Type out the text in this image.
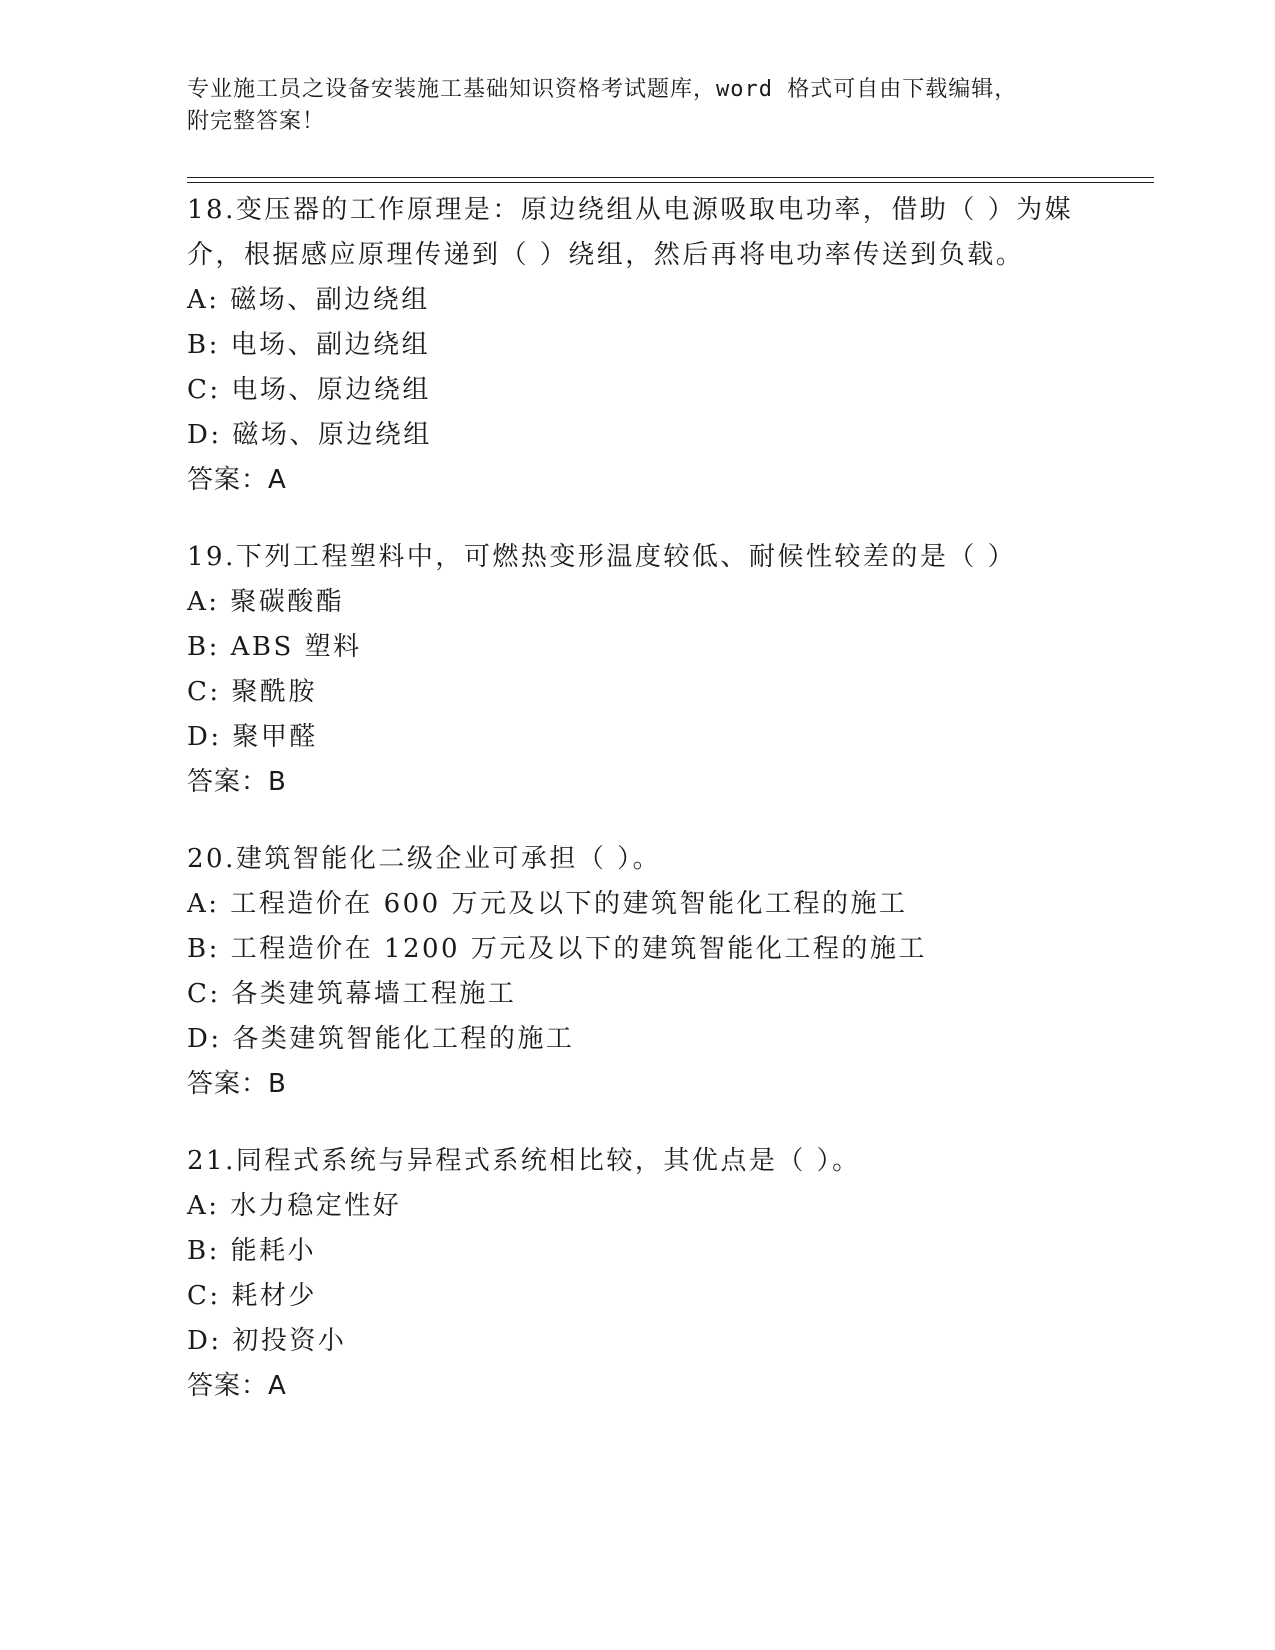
专业施工员之设备安装施工基础知识资格考试题库，word 格式可自由下载编辑，
附完整答案！
18.变压器的工作原理是：原边绕组从电源吸取电功率，借助（ ）为媒介，根据感应原理传递到（ ）绕组，然后再将电功率传送到负载。
A: 磁场、副边绕组
B: 电场、副边绕组
C: 电场、原边绕组
D: 磁场、原边绕组
答案：A
19.下列工程塑料中，可燃热变形温度较低、耐候性较差的是（ ）
A: 聚碳酸酯
B: ABS 塑料
C: 聚酰胺
D: 聚甲醛
答案：B
20.建筑智能化二级企业可承担（ ）。
A: 工程造价在 600 万元及以下的建筑智能化工程的施工
B: 工程造价在 1200 万元及以下的建筑智能化工程的施工
C: 各类建筑幕墙工程施工
D: 各类建筑智能化工程的施工
答案：B
21.同程式系统与异程式系统相比较，其优点是（ ）。
A: 水力稳定性好
B: 能耗小
C: 耗材少
D: 初投资小
答案：A
